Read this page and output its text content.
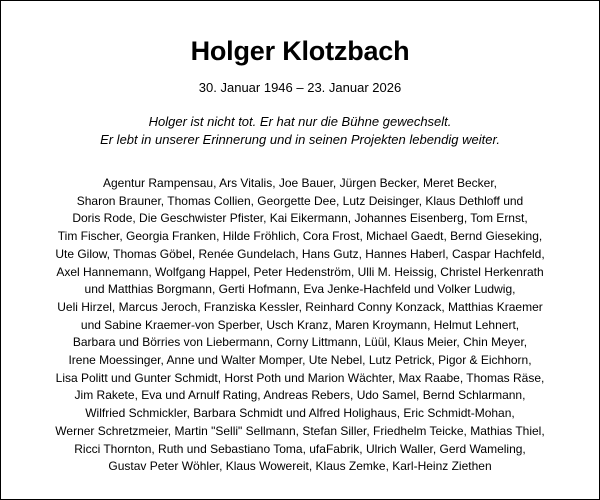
Holger Klotzbach
30. Januar 1946 – 23. Januar 2026
Holger ist nicht tot. Er hat nur die Bühne gewechselt.
Er lebt in unserer Erinnerung und in seinen Projekten lebendig weiter.
Agentur Rampensau, Ars Vitalis, Joe Bauer, Jürgen Becker, Meret Becker,
Sharon Brauner, Thomas Collien, Georgette Dee, Lutz Deisinger, Klaus Dethloff und
Doris Rode, Die Geschwister Pfister, Kai Eikermann, Johannes Eisenberg, Tom Ernst,
Tim Fischer, Georgia Franken, Hilde Fröhlich, Cora Frost, Michael Gaedt, Bernd Gieseking,
Ute Gilow, Thomas Göbel, Renée Gundelach, Hans Gutz, Hannes Haberl, Caspar Hachfeld,
Axel Hannemann, Wolfgang Happel, Peter Hedenström, Ulli M. Heissig, Christel Herkenrath
und Matthias Borgmann, Gerti Hofmann, Eva Jenke-Hachfeld und Volker Ludwig,
Ueli Hirzel, Marcus Jeroch, Franziska Kessler, Reinhard Conny Konzack, Matthias Kraemer
und Sabine Kraemer-von Sperber, Usch Kranz, Maren Kroymann, Helmut Lehnert,
Barbara und Börries von Liebermann, Corny Littmann, Lüül, Klaus Meier, Chin Meyer,
Irene Moessinger, Anne und Walter Momper, Ute Nebel, Lutz Petrick, Pigor & Eichhorn,
Lisa Politt und Gunter Schmidt, Horst Poth und Marion Wächter, Max Raabe, Thomas Räse,
Jim Rakete, Eva und Arnulf Rating, Andreas Rebers, Udo Samel, Bernd Schlarmann,
Wilfried Schmickler, Barbara Schmidt und Alfred Holighaus, Eric Schmidt-Mohan,
Werner Schretzmeier, Martin "Selli" Sellmann, Stefan Siller, Friedhelm Teicke, Mathias Thiel,
Ricci Thornton, Ruth und Sebastiano Toma, ufaFabrik, Ulrich Waller, Gerd Wameling,
Gustav Peter Wöhler, Klaus Wowereit, Klaus Zemke, Karl-Heinz Ziethen
